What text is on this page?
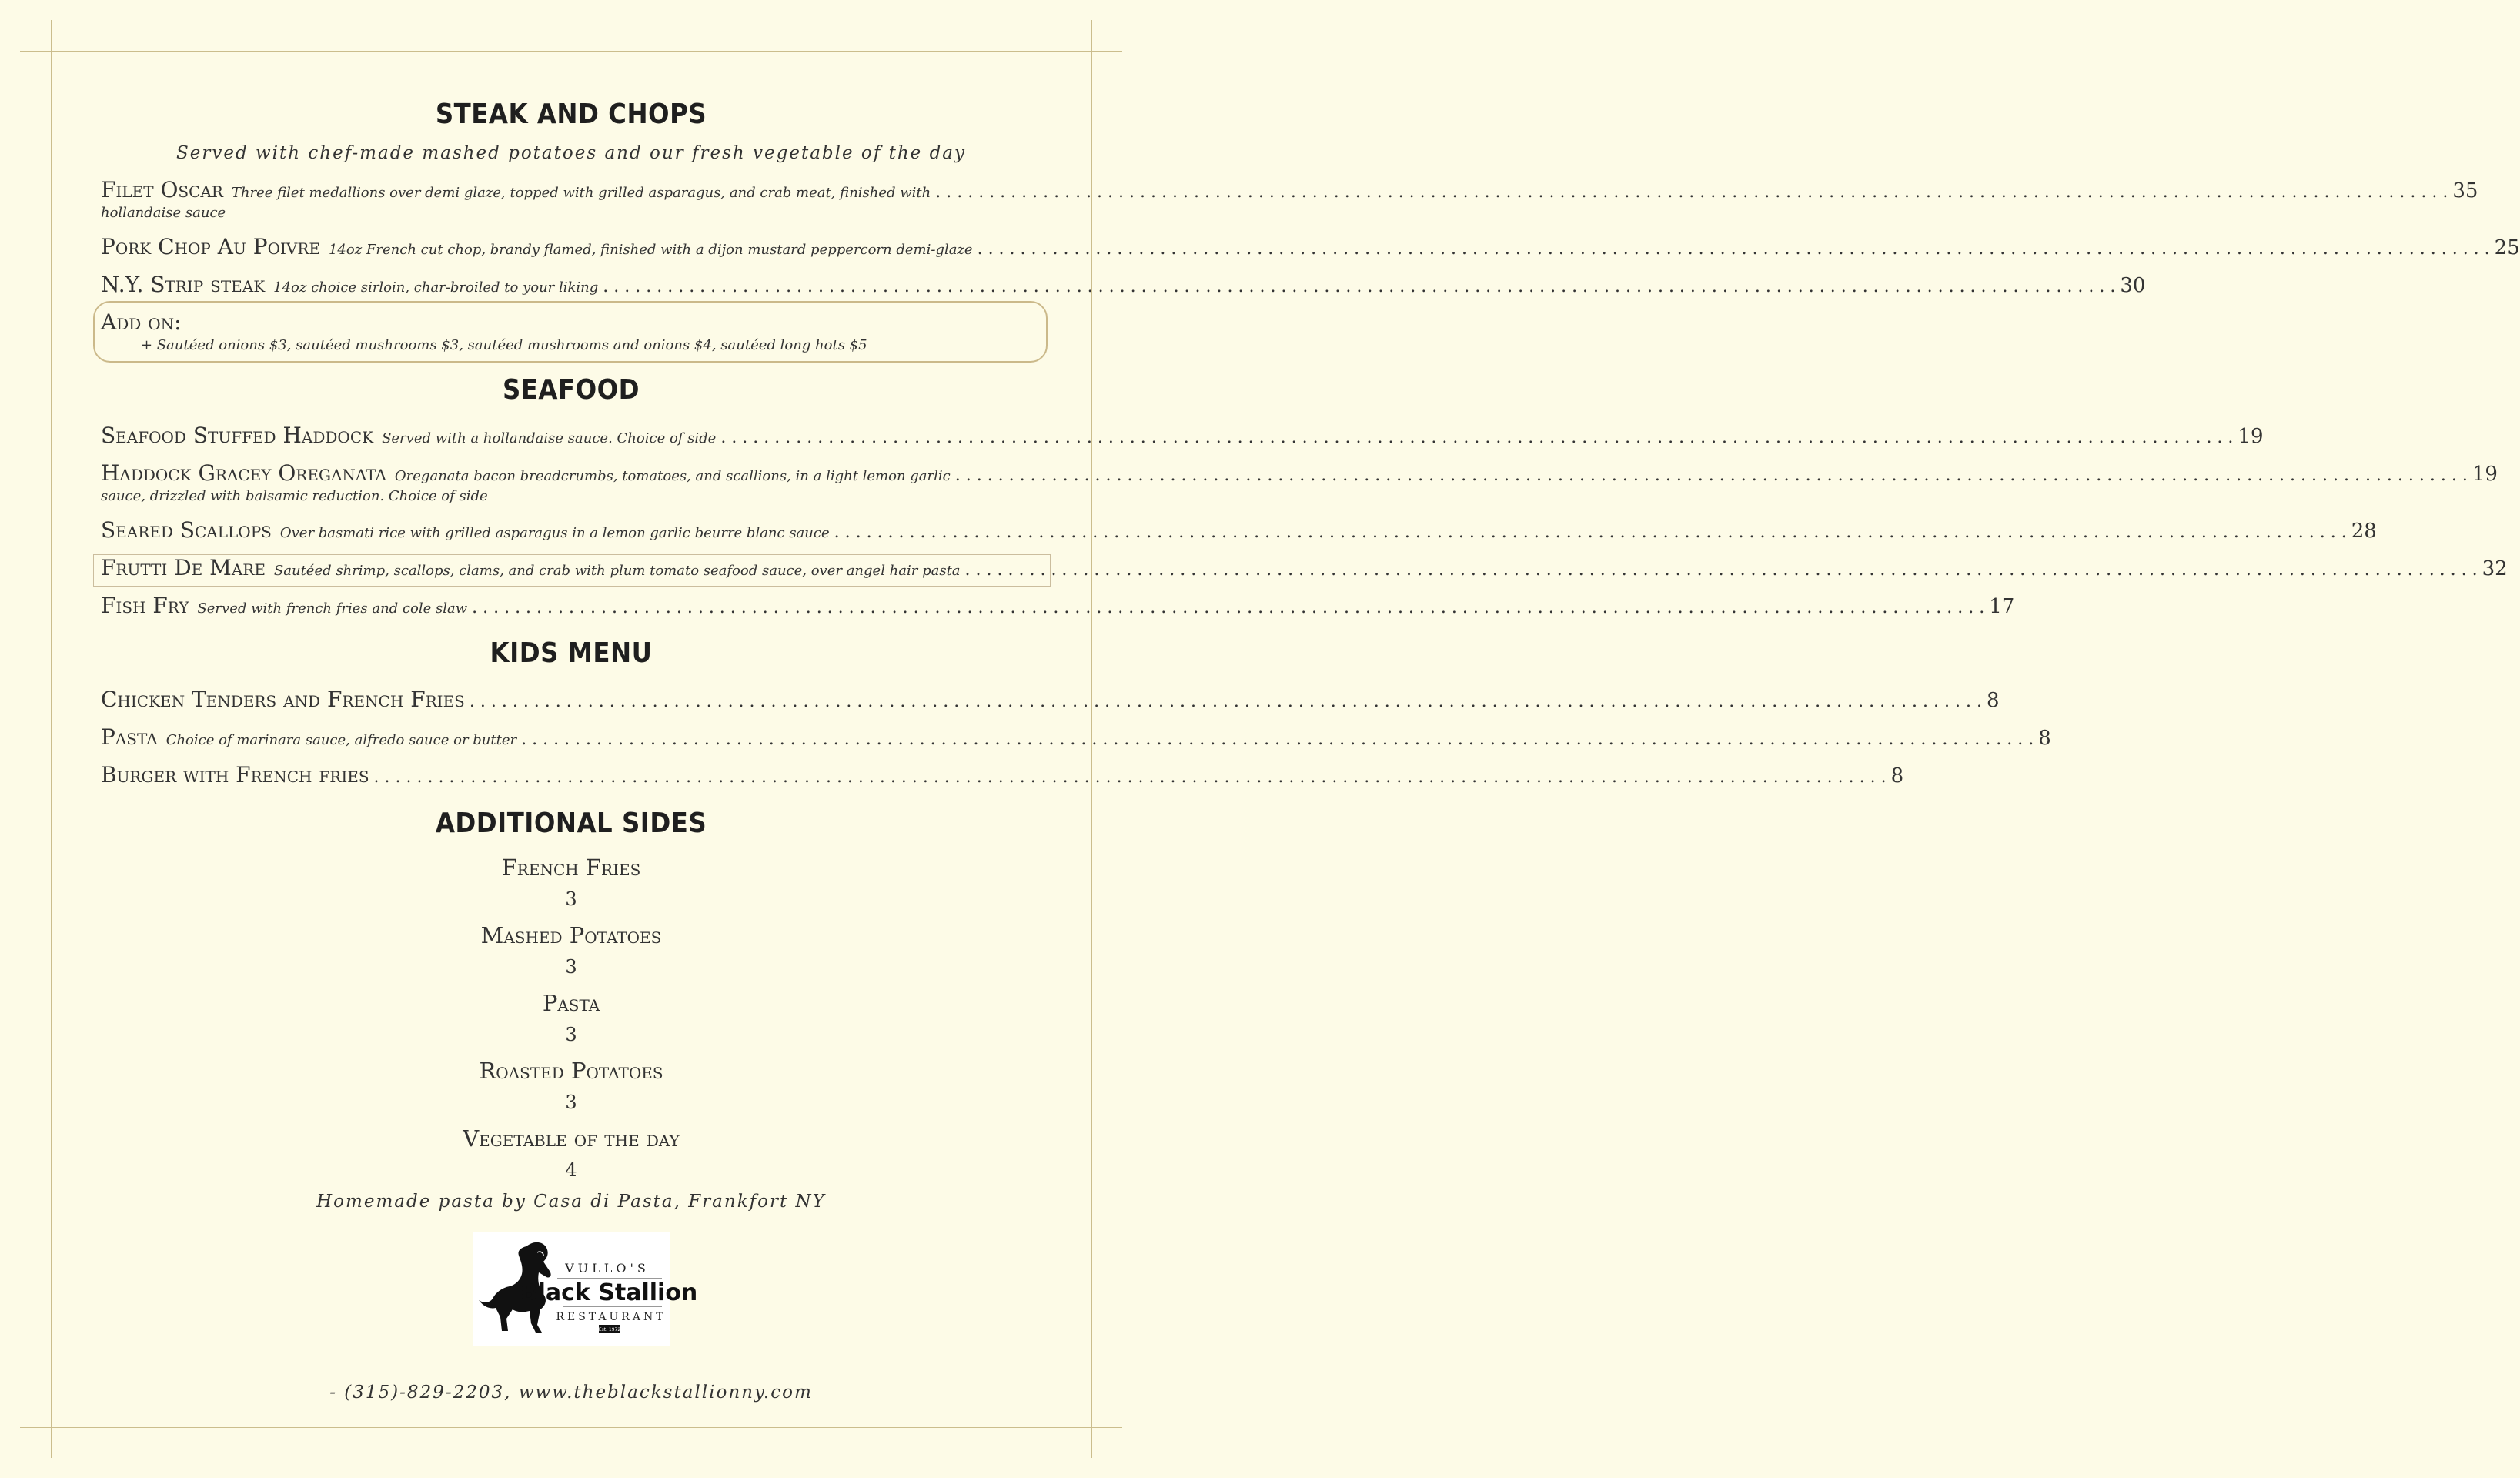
STEAK AND CHOPS
Served with chef-made mashed potatoes and our fresh vegetable of the day
Filet Oscar Three filet medallions over demi glaze, topped with grilled asparagus, and crab meat, finished with . . .	35
hollandaise sauce
Pork Chop Au Poivre 14oz French cut chop, brandy flamed, finished with a dijon mustard peppercorn demi-glaze . . .	25
N.Y. Strip steak 14oz choice sirloin, char-broiled to your liking . . .	30
Add on:
+ Sautéed onions $3, sautéed mushrooms $3, sautéed mushrooms and onions $4, sautéed long hots $5
SEAFOOD
Seafood Stuffed Haddock Served with a hollandaise sauce. Choice of side . . .	19
Haddock Gracey Oreganata Oreganata bacon breadcrumbs, tomatoes, and scallions, in a light lemon garlic . . .	19
sauce, drizzled with balsamic reduction. Choice of side
Seared Scallops Over basmati rice with grilled asparagus in a lemon garlic beurre blanc sauce . . .	28
Frutti De Mare Sautéed shrimp, scallops, clams, and crab with plum tomato seafood sauce, over angel hair pasta . . .	32
Fish Fry Served with french fries and cole slaw . . .	17
KIDS MENU
Chicken Tenders and French Fries . . .	8
Pasta Choice of marinara sauce, alfredo sauce or butter . . .	8
Burger with French fries . . .	8
ADDITIONAL SIDES
French Fries
3
Mashed Potatoes
3
Pasta
3
Roasted Potatoes
3
Vegetable of the day
4
Homemade pasta by Casa di Pasta, Frankfort NY
VULLO'S
Black Stallion
RESTAURANT
Est. 1972
- (315)-829-2203, www.theblackstallionny.com
